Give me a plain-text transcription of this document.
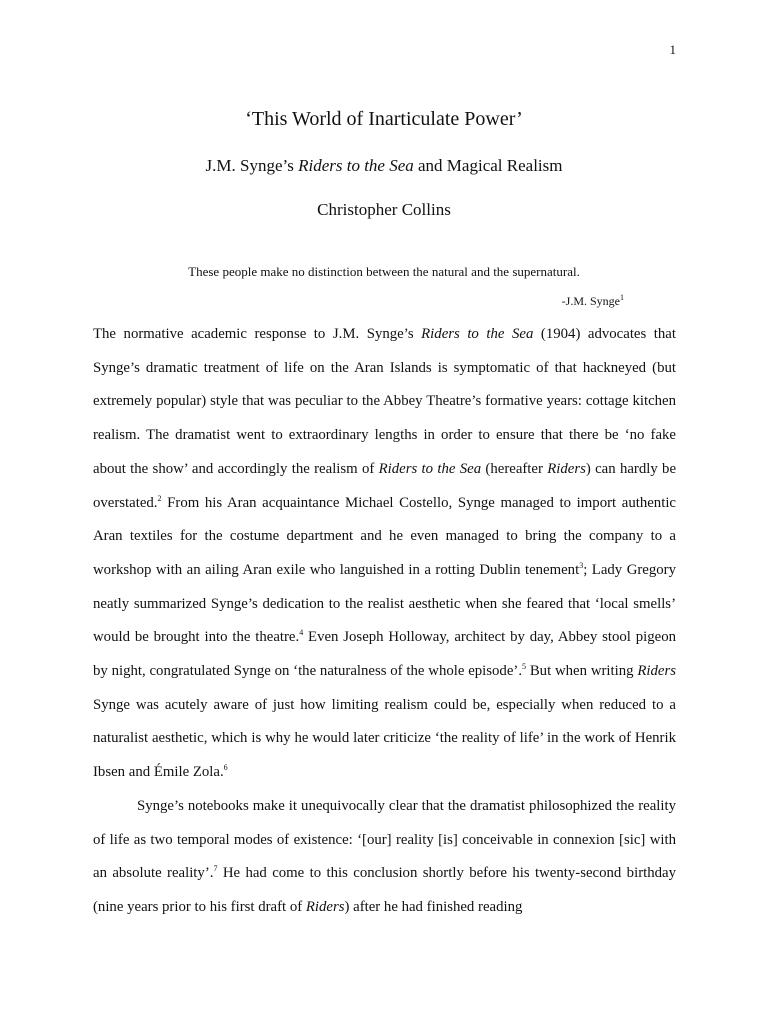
1
‘This World of Inarticulate Power’
J.M. Synge’s Riders to the Sea and Magical Realism
Christopher Collins
These people make no distinction between the natural and the supernatural.
-J.M. Synge$^1$

The normative academic response to J.M. Synge’s Riders to the Sea (1904) advocates that Synge’s dramatic treatment of life on the Aran Islands is symptomatic of that hackneyed (but extremely popular) style that was peculiar to the Abbey Theatre’s formative years: cottage kitchen realism. The dramatist went to extraordinary lengths in order to ensure that there be ‘no fake about the show’ and accordingly the realism of Riders to the Sea (hereafter Riders) can hardly be overstated.$^2$ From his Aran acquaintance Michael Costello, Synge managed to import authentic Aran textiles for the costume department and he even managed to bring the company to a workshop with an ailing Aran exile who languished in a rotting Dublin tenement$^3$; Lady Gregory neatly summarized Synge’s dedication to the realist aesthetic when she feared that ‘local smells’ would be brought into the theatre.$^4$ Even Joseph Holloway, architect by day, Abbey stool pigeon by night, congratulated Synge on ‘the naturalness of the whole episode’.$^5$ But when writing Riders Synge was acutely aware of just how limiting realism could be, especially when reduced to a naturalist aesthetic, which is why he would later criticize ‘the reality of life’ in the work of Henrik Ibsen and Émile Zola.$^6$

Synge’s notebooks make it unequivocally clear that the dramatist philosophized the reality of life as two temporal modes of existence: ‘[our] reality [is] conceivable in connexion [sic] with an absolute reality’.$^7$ He had come to this conclusion shortly before his twenty-second birthday (nine years prior to his first draft of Riders) after he had finished reading
